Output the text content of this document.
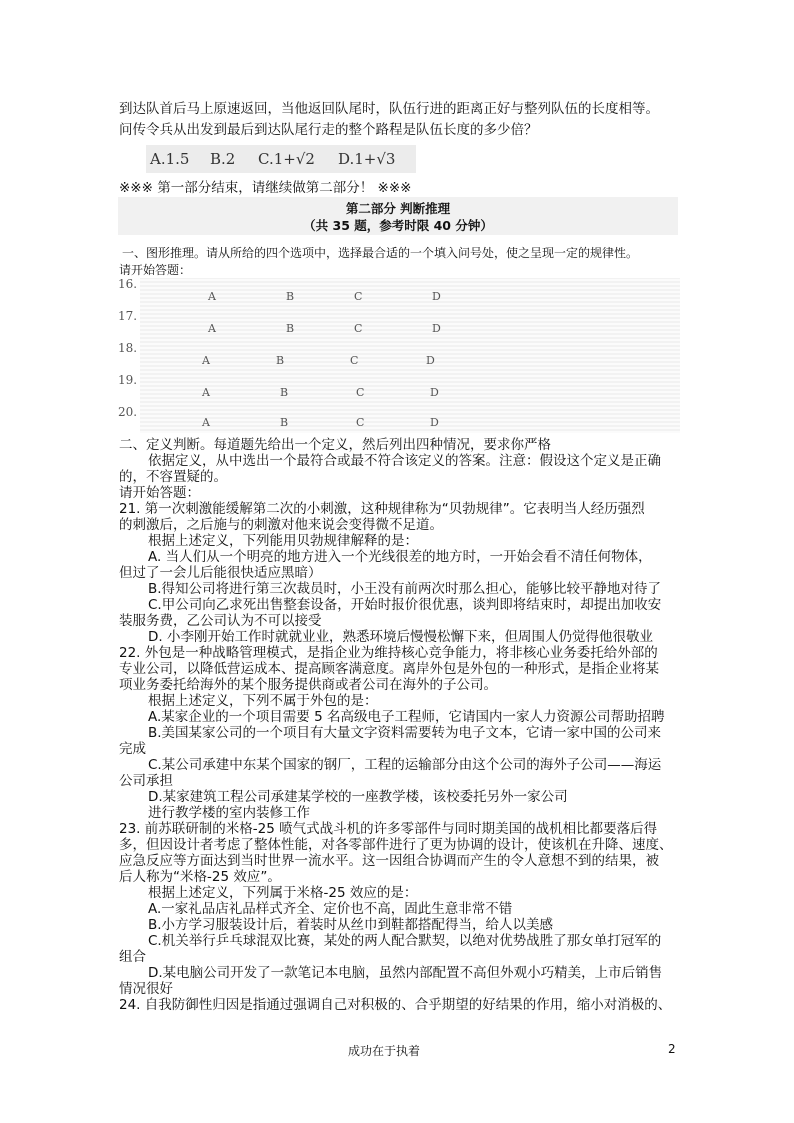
到达队首后马上原速返回，当他返回队尾时，队伍行进的距离正好与整列队伍的长度相等。
问传令兵从出发到最后到达队尾行走的整个路程是队伍长度的多少倍？
A.1.5 B.2 C.1+√2 D.1+√3
※※※ 第一部分结束，请继续做第二部分！ ※※※
第二部分 判断推理
（共 35 题，参考时限 40 分钟）
一、图形推理。请从所给的四个选项中，选择最合适的一个填入问号处，使之呈现一定的规律性。
请开始答题：
16.
A	B	C	D
17.
A	B	C	D
18.
A	B	C	D
19.
A	B	C	D
20.
A	B	C	D
二、定义判断。每道题先给出一个定义，然后列出四种情况，要求你严格
依据定义，从中选出一个最符合或最不符合该定义的答案。注意：假设这个定义是正确
的，不容置疑的。
请开始答题：
21. 第一次刺激能缓解第二次的小刺激，这种规律称为“贝勃规律”。它表明当人经历强烈
的刺激后，之后施与的刺激对他来说会变得微不足道。
根据上述定义，下列能用贝勃规律解释的是：
A. 当人们从一个明亮的地方进入一个光线很差的地方时，一开始会看不清任何物体，
但过了一会儿后能很快适应黑暗）
B.得知公司将进行第三次裁员时，小王没有前两次时那么担心，能够比较平静地对待了
C.甲公司向乙求死出售整套设备，开始时报价很优惠，谈判即将结束时，却提出加收安
装服务费，乙公司认为不可以接受
D. 小李刚开始工作时就就业业，熟悉环境后慢慢松懈下来，但周围人仍觉得他很敬业
22. 外包是一种战略管理模式，是指企业为维持核心竞争能力，将非核心业务委托给外部的
专业公司，以降低营运成本、提高顾客满意度。离岸外包是外包的一种形式，是指企业将某
项业务委托给海外的某个服务提供商或者公司在海外的子公司。
根据上述定义，下列不属于外包的是：
A.某家企业的一个项目需要 5 名高级电子工程师，它请国内一家人力资源公司帮助招聘
B.美国某家公司的一个项目有大量文字资料需要转为电子文本，它请一家中国的公司来
完成
C.某公司承建中东某个国家的钢厂，工程的运输部分由这个公司的海外子公司——海运
公司承担
D.某家建筑工程公司承建某学校的一座教学楼，该校委托另外一家公司
进行教学楼的室内装修工作
23. 前苏联研制的米格-25 喷气式战斗机的许多零部件与同时期美国的战机相比都要落后得
多，但因设计者考虑了整体性能，对各零部件进行了更为协调的设计，使该机在升降、速度、
应急反应等方面达到当时世界一流水平。这一因组合协调而产生的令人意想不到的结果，被
后人称为“米格-25 效应”。
根据上述定义，下列属于米格-25 效应的是：
A.一家礼品店礼品样式齐全、定价也不高，固此生意非常不错
B.小方学习服装设计后，着装时从丝巾到鞋都搭配得当，给人以美感
C.机关举行乒乓球混双比赛，某处的两人配合默契，以绝对优势战胜了那女单打冠军的
组合
D.某电脑公司开发了一款笔记本电脑，虽然内部配置不高但外观小巧精美，上市后销售
情况很好
24. 自我防御性归因是指通过强调自己对积极的、合乎期望的好结果的作用，缩小对消极的、
成功在于执着	2
